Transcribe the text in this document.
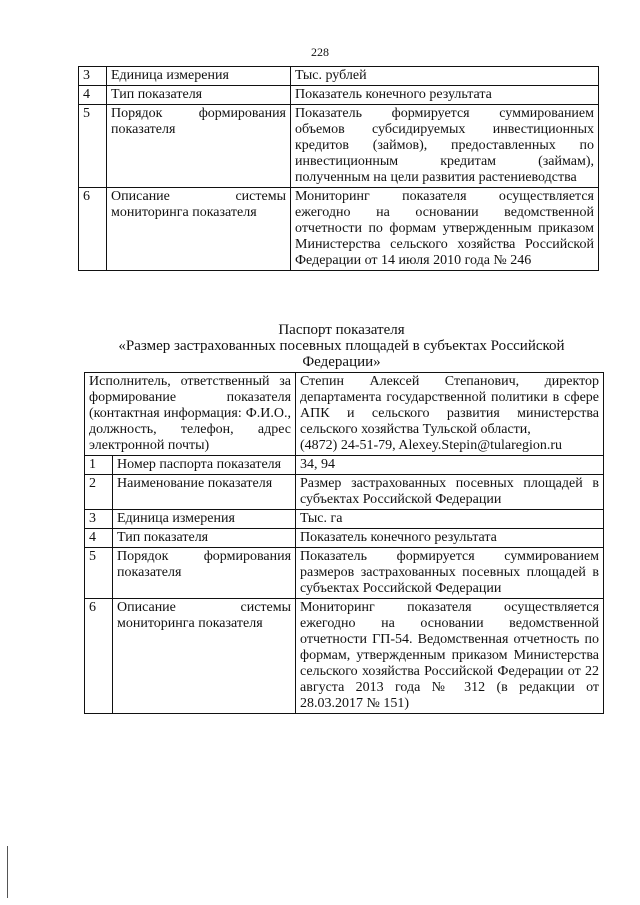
228
3	Единица измерения	Тыс. рублей
4	Тип показателя	Показатель конечного результата
5	Порядок формирования показателя	Показатель формируется суммированием объемов субсидируемых инвестиционных кредитов (займов), предоставленных по инвестиционным кредитам (займам), полученным на цели развития растениеводства
6	Описание системы мониторинга показателя	Мониторинг показателя осуществляется ежегодно на основании ведомственной отчетности по формам утвержденным приказом Министерства сельского хозяйства Российской Федерации от 14 июля 2010 года № 246
Паспорт показателя
«Размер застрахованных посевных площадей в субъектах Российской Федерации»
Исполнитель, ответственный за формирование показателя (контактная информация: Ф.И.О., должность, телефон, адрес электронной почты)		Степин Алексей Степанович, директор департамента государственной политики в сфере АПК и сельского развития министерства сельского хозяйства Тульской области,
(4872) 24-51-79, Alexey.Stepin@tularegion.ru

1	Номер паспорта показателя	34, 94
2	Наименование показателя	Размер застрахованных посевных площадей в субъектах Российской Федерации
3	Единица измерения	Тыс. га
4	Тип показателя	Показатель конечного результата
5	Порядок формирования показателя	Показатель формируется суммированием размеров застрахованных посевных площадей в субъектах Российской Федерации
6	Описание системы мониторинга показателя	Мониторинг показателя осуществляется ежегодно на основании ведомственной отчетности ГП-54. Ведомственная отчетность по формам, утвержденным приказом Министерства сельского хозяйства Российской Федерации от 22 августа 2013 года № 312 (в редакции от 28.03.2017 № 151)
